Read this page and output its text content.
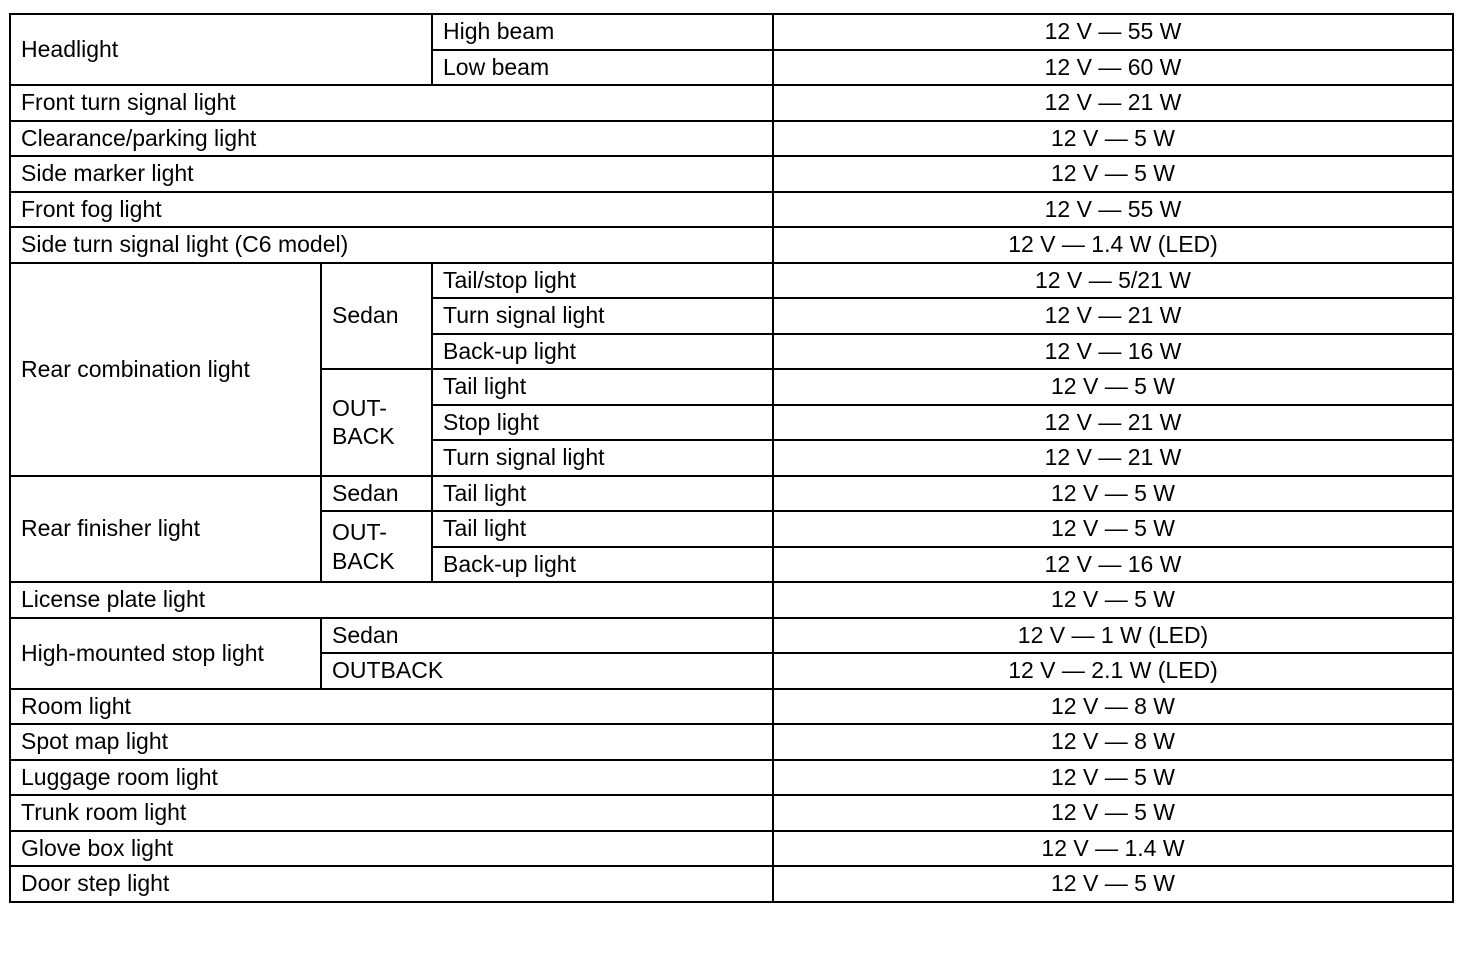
Headlight		High beam	12 V — 55 W
		Low beam	12 V — 60 W
Front turn signal light			12 V — 21 W
Clearance/parking light			12 V — 5 W
Side marker light			12 V — 5 W
Front fog light			12 V — 55 W
Side turn signal light (C6 model)			12 V — 1.4 W (LED)
Rear combination light	Sedan	Tail/stop light	12 V — 5/21 W
		Turn signal light	12 V — 21 W
		Back-up light	12 V — 16 W
	OUT-BACK	Tail light	12 V — 5 W
		Stop light	12 V — 21 W
		Turn signal light	12 V — 21 W
Rear finisher light	Sedan	Tail light	12 V — 5 W
	OUT-BACK	Tail light	12 V — 5 W
		Back-up light	12 V — 16 W
License plate light			12 V — 5 W
High-mounted stop light	Sedan		12 V — 1 W (LED)
	OUTBACK		12 V — 2.1 W (LED)
Room light			12 V — 8 W
Spot map light			12 V — 8 W
Luggage room light			12 V — 5 W
Trunk room light			12 V — 5 W
Glove box light			12 V — 1.4 W
Door step light			12 V — 5 W
